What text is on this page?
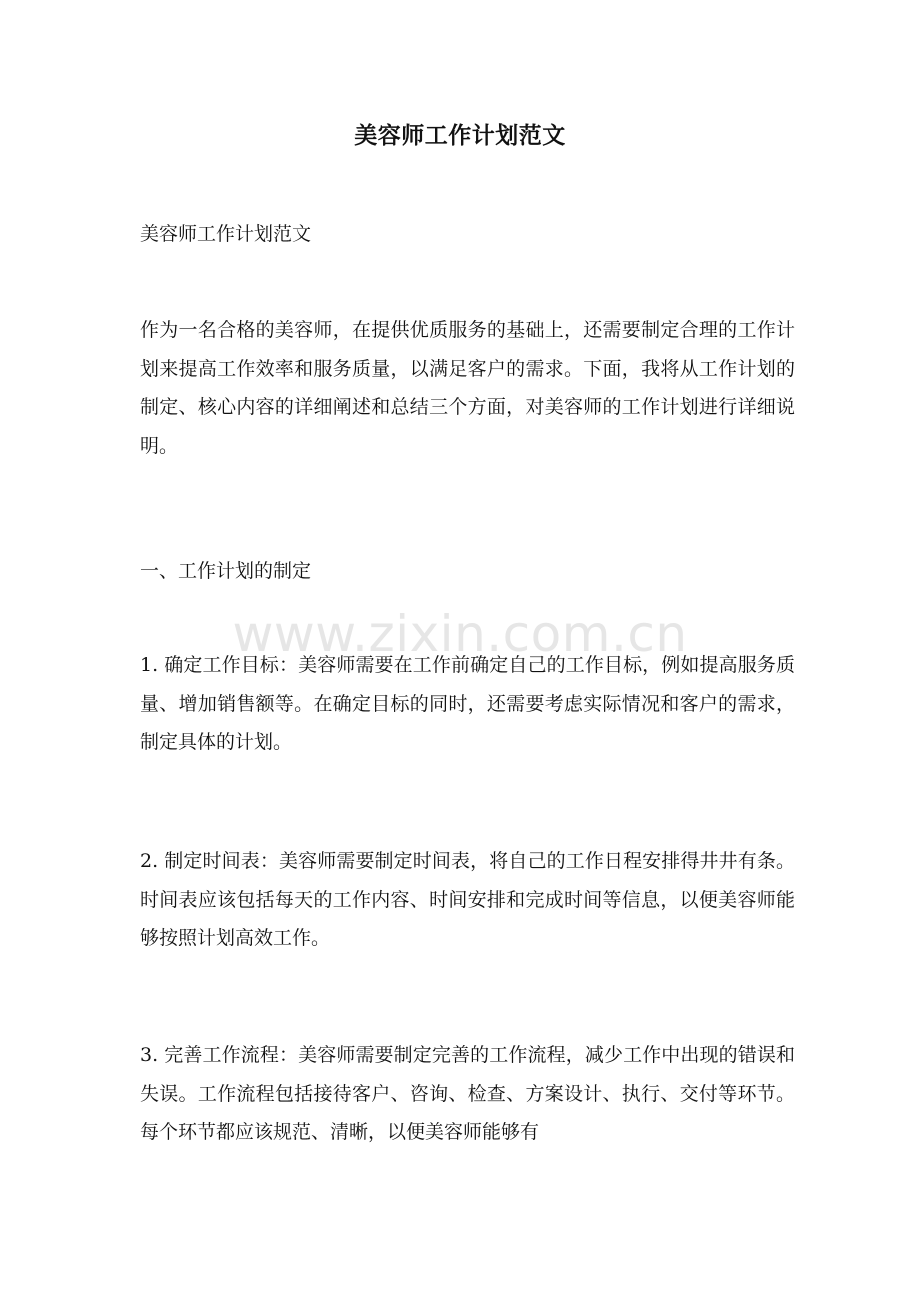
美容师工作计划范文
美容师工作计划范文
作为一名合格的美容师，在提供优质服务的基础上，还需要制定合理的工作计划来提高工作效率和服务质量，以满足客户的需求。下面，我将从工作计划的制定、核心内容的详细阐述和总结三个方面，对美容师的工作计划进行详细说明。
一、工作计划的制定
1. 确定工作目标：美容师需要在工作前确定自己的工作目标，例如提高服务质量、增加销售额等。在确定目标的同时，还需要考虑实际情况和客户的需求，制定具体的计划。
2. 制定时间表：美容师需要制定时间表，将自己的工作日程安排得井井有条。时间表应该包括每天的工作内容、时间安排和完成时间等信息，以便美容师能够按照计划高效工作。
3. 完善工作流程：美容师需要制定完善的工作流程，减少工作中出现的错误和失误。工作流程包括接待客户、咨询、检查、方案设计、执行、交付等环节。每个环节都应该规范、清晰，以便美容师能够有
www.zixin.com.cn
